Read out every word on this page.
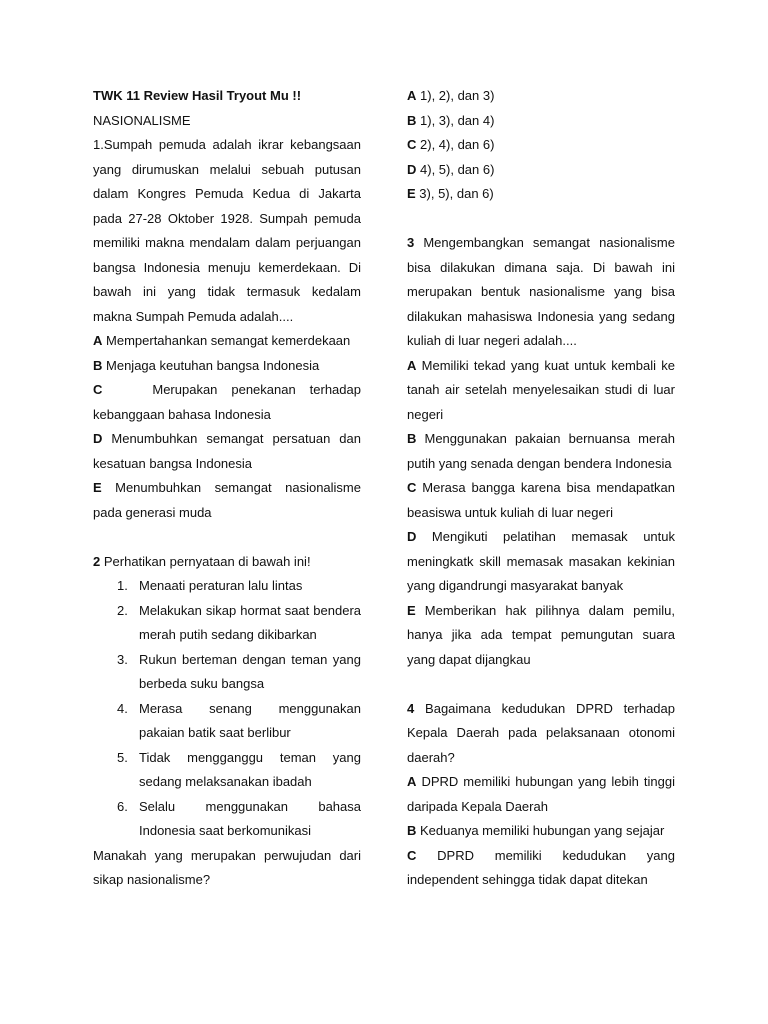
TWK 11 Review Hasil Tryout Mu !!

NASIONALISME

1.Sumpah pemuda adalah ikrar kebangsaan yang dirumuskan melalui sebuah putusan dalam Kongres Pemuda Kedua di Jakarta pada 27-28 Oktober 1928. Sumpah pemuda memiliki makna mendalam dalam perjuangan bangsa Indonesia menuju kemerdekaan. Di bawah ini yang tidak termasuk kedalam makna Sumpah Pemuda adalah....

A Mempertahankan semangat kemerdekaan

B Menjaga keutuhan bangsa Indonesia

C	Merupakan penekanan terhadap kebanggaan bahasa Indonesia

D Menumbuhkan semangat persatuan dan kesatuan bangsa Indonesia

E Menumbuhkan semangat nasionalisme pada generasi muda

2 Perhatikan pernyataan di bawah ini!

1. Menaati peraturan lalu lintas
2. Melakukan sikap hormat saat bendera merah putih sedang dikibarkan
3. Rukun berteman dengan teman yang berbeda suku bangsa
4. Merasa senang menggunakan pakaian batik saat berlibur
5. Tidak mengganggu teman yang sedang melaksanakan ibadah
6. Selalu menggunakan bahasa Indonesia saat berkomunikasi

Manakah yang merupakan perwujudan dari sikap nasionalisme?

A 1), 2), dan 3)

B 1), 3), dan 4)

C 2), 4), dan 6)

D 4), 5), dan 6)

E 3), 5), dan 6)

3 Mengembangkan semangat nasionalisme bisa dilakukan dimana saja. Di bawah ini merupakan bentuk nasionalisme yang bisa dilakukan mahasiswa Indonesia yang sedang kuliah di luar negeri adalah....

A Memiliki tekad yang kuat untuk kembali ke tanah air setelah menyelesaikan studi di luar negeri

B Menggunakan pakaian bernuansa merah putih yang senada dengan bendera Indonesia

C Merasa bangga karena bisa mendapatkan beasiswa untuk kuliah di luar negeri

D Mengikuti pelatihan memasak untuk meningkatk skill memasak masakan kekinian yang digandrungi masyarakat banyak

E Memberikan hak pilihnya dalam pemilu, hanya jika ada tempat pemungutan suara yang dapat dijangkau

4 Bagaimana kedudukan DPRD terhadap Kepala Daerah pada pelaksanaan otonomi daerah?

A DPRD memiliki hubungan yang lebih tinggi daripada Kepala Daerah

B Keduanya memiliki hubungan yang sejajar

C DPRD memiliki kedudukan yang independent sehingga tidak dapat ditekan
